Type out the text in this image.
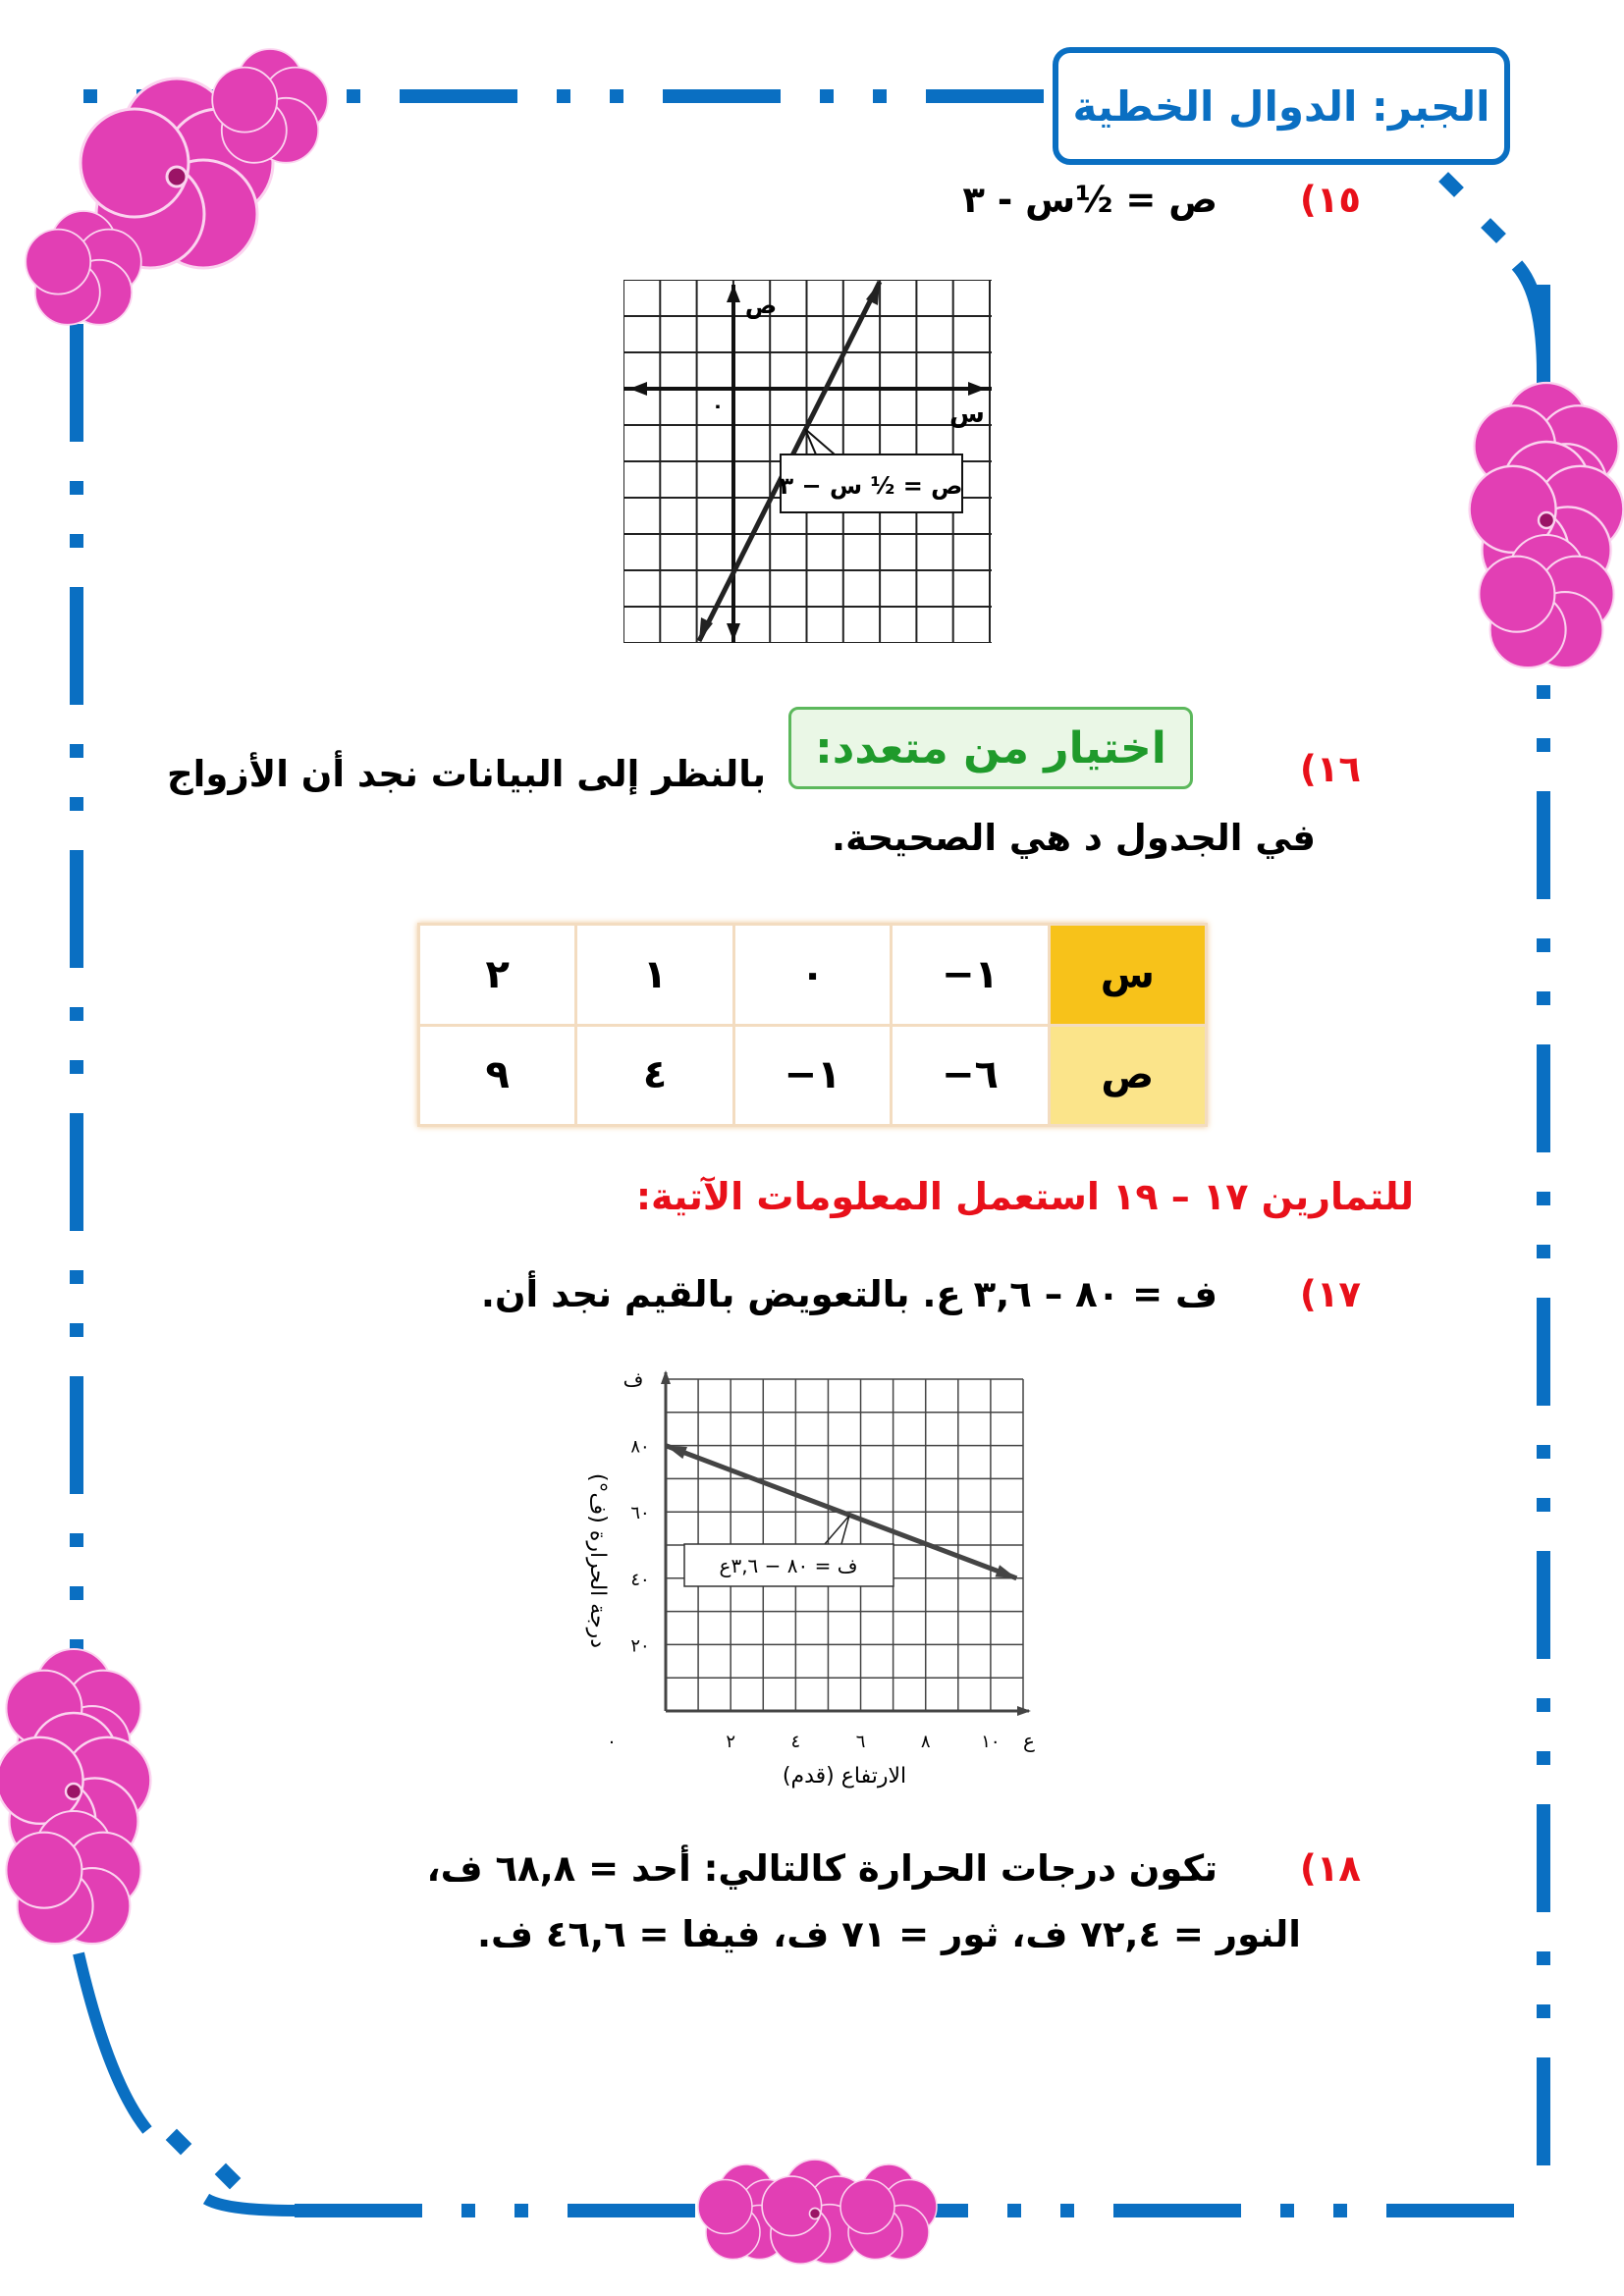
الجبر: الدوال الخطية
١٥)
ص = ½س - ٣
ص = ½ س − ٣
ص
س
٠
١٦)
اختيار من متعدد:
بالنظر إلى البيانات نجد أن الأزواج
في الجدول د هي الصحيحة.
س	١−	٠	١	٢
ص	٦−	١−	٤	٩
للتمارين ١٧ – ١٩ استعمل المعلومات الآتية:
١٧)
ف = ٨٠ – ٣,٦ ع. بالتعويض بالقيم نجد أن.
٠	٢	٤	٦	٨	١٠
٢٠
٤٠
٦٠
٨٠
ف
ع
الارتفاع (قدم)
درجة الحرارة (ف°)	ف = ٨٠ − ٣,٦ع
١٨)
تكون درجات الحرارة كالتالي: أحد = ٦٨,٨ ف،
النور = ٧٢,٤ ف، ثور = ٧١ ف، فيفا = ٤٦,٦ ف.
